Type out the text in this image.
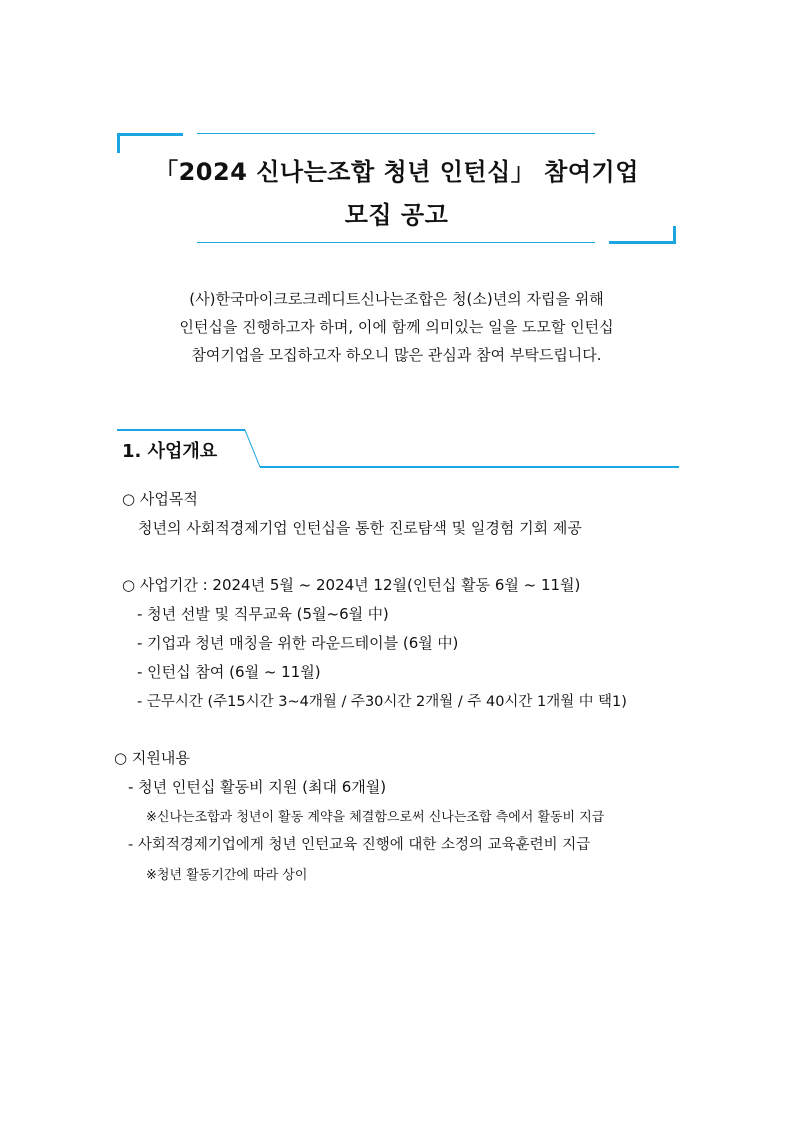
「2024 신나는조합 청년 인턴십」 참여기업
모집 공고
(사)한국마이크로크레디트신나는조합은 청(소)년의 자립을 위해
인턴십을 진행하고자 하며, 이에 함께 의미있는 일을 도모할 인턴십
참여기업을 모집하고자 하오니 많은 관심과 참여 부탁드립니다.
1. 사업개요
○ 사업목적
청년의 사회적경제기업 인턴십을 통한 진로탐색 및 일경험 기회 제공
○ 사업기간 : 2024년 5월 ~ 2024년 12월(인턴십 활동 6월 ~ 11월)
- 청년 선발 및 직무교육 (5월~6월 中)
- 기업과 청년 매칭을 위한 라운드테이블 (6월 中)
- 인턴십 참여 (6월 ~ 11월)
- 근무시간 (주15시간 3~4개월 / 주30시간 2개월 / 주 40시간 1개월 中 택1)
○ 지원내용
- 청년 인턴십 활동비 지원 (최대 6개월)
※신나는조합과 청년이 활동 계약을 체결함으로써 신나는조합 측에서 활동비 지급
- 사회적경제기업에게 청년 인턴교육 진행에 대한 소정의 교육훈련비 지급
※청년 활동기간에 따라 상이
